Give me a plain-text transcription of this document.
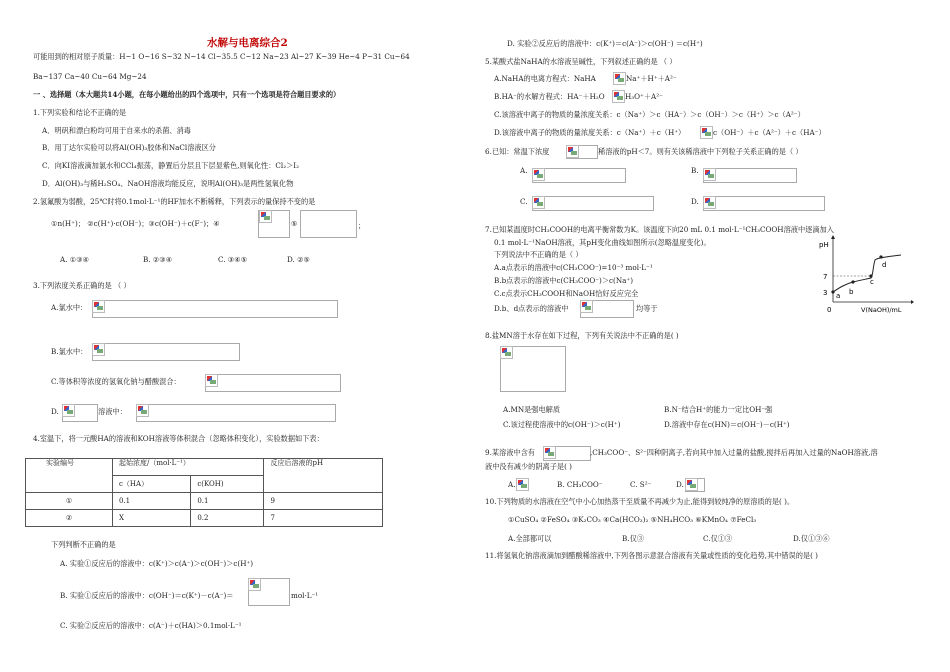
水解与电离综合2
可能用到的相对原子质量：H~1 O~16 S~32 N~14 Cl~35.5 C~12 Na~23 Al~27 K~39 He~4 P~31 Cu~64
Ba~137 Ca~40 Cu~64 Mg~24
一 、选择题（本大题共14小题，在每小题给出的四个选项中，只有一个选项是符合题目要求的）
1.下列实验和结论不正确的是
A．明矾和漂白粉均可用于自来水的杀菌、消毒
B．用丁达尔实验可以将Al(OH)₃胶体和NaCl溶液区分
C．向KI溶液滴加氯水和CCl₄振荡，静置后分层且下层显紫色,则氧化性：Cl₂＞I₂
D．Al(OH)₃与稀H₂SO₄、NaOH溶液均能反应，说明Al(OH)₃是两性氢氧化物
2.氢氟酸为弱酸，25℃时将0.1mol·L⁻¹的HF加水不断稀释，下列表示的量保持不变的是
①n(H⁺)； ②c(H⁺)·c(OH⁻)；③c(OH⁻)＋c(F⁻)；④	⑤	；
A. ①③④	B. ②③④	C. ③④⑤	D. ②⑤
3.下列浓度关系正确的是 （ ）
A.氯水中：
B.氯水中：
C.等体积等浓度的氢氧化钠与醋酸混合：
D.	溶液中：
4.室温下，将一元酸HA的溶液和KOH溶液等体积混合（忽略体积变化），实验数据如下表：
实验编号	起始浓度/（mol·L⁻¹）		反应后溶液的pH
	c（HA）	c(KOH)	
①	0.1	0.1	9
②	X	0.2	7
下列判断不正确的是
A. 实验①反应后的溶液中：c(K⁺)＞c(A⁻)＞c(OH⁻)＞c(H⁺)
B. 实验①反应后的溶液中：c(OH⁻)＝c(K⁺)－c(A⁻)＝	mol·L⁻¹
C. 实验②反应后的溶液中：c(A⁻)＋c(HA)＞0.1mol·L⁻¹
D. 实验②反应后的溶液中：c(K⁺)＝c(A⁻)＞c(OH⁻) ＝c(H⁺)
5.某酸式盐NaHA的水溶液呈碱性，下列叙述正确的是 （ ）
A.NaHA的电离方程式：NaHA	Na⁺＋H⁺＋A²⁻
B.HA⁻的水解方程式：HA⁻＋H₂O	H₃O⁺＋A²⁻
C.该溶液中离子的物质的量浓度关系：c（Na⁺）＞c（HA⁻）＞c（OH⁻）＞c（H⁺）＞c（A²⁻）
D.该溶液中离子的物质的量浓度关系：c（Na⁺）＋c（H⁺）	c（OH⁻）＋c（A²⁻）＋c（HA⁻）
6.已知：常温下浓度	稀溶液的pH＜7。则有关该稀溶液中下列粒子关系正确的是（ ）
A.	B.
C.	D.
7.已知某温度时CH₃COOH的电离平衡常数为K。该温度下向20 mL 0.1 mol·L⁻¹CH₃COOH溶液中逐滴加入
0.1 mol·L⁻¹NaOH溶液，其pH变化曲线如图所示(忽略温度变化)。
下列说法中不正确的是（ ）
A.a点表示的溶液中c(CH₃COO⁻)=10⁻³ mol·L⁻¹
B.b点表示的溶液中c(CH₃COO⁻)＞c(Na⁺)
C.c点表示CH₃COOH和NaOH恰好反应完全
D.b、d点表示的溶液中	均等于
pH
7
3
0
a b
c
d
V(NaOH)/mL
8.盐MN溶于水存在如下过程，下列有关说法中不正确的是( )
A.MN是强电解质	B.N⁻结合H⁺的能力一定比OH⁻强
C.该过程使溶液中的c(OH⁻)＞c(H⁺)	D.溶液中存在c(HN)＝c(OH⁻)－c(H⁺)
9.某溶液中含有	,CH₃COO⁻、S²⁻四种阴离子,若向其中加入过量的盐酸,搅拌后再加入过量的NaOH溶液,溶
液中没有减少的阴离子是( )
A.	B. CH₃COO⁻	C. S²⁻	D.
10.下列物质的水溶液在空气中小心加热蒸干至质量不再减少为止,能得到较纯净的原溶质的是( )。
①CuSO₄ ②FeSO₄ ③K₂CO₃ ④Ca(HCO₃)₂ ⑤NH₄HCO₃ ⑥KMnO₄ ⑦FeCl₃
A.全部都可以	B.仅③	C.仅①③	D.仅①③⑥
11.将氢氧化钠溶液滴加到醋酸稀溶液中,下列各图示意混合溶液有关量或性质的变化趋势,其中错误的是( )
